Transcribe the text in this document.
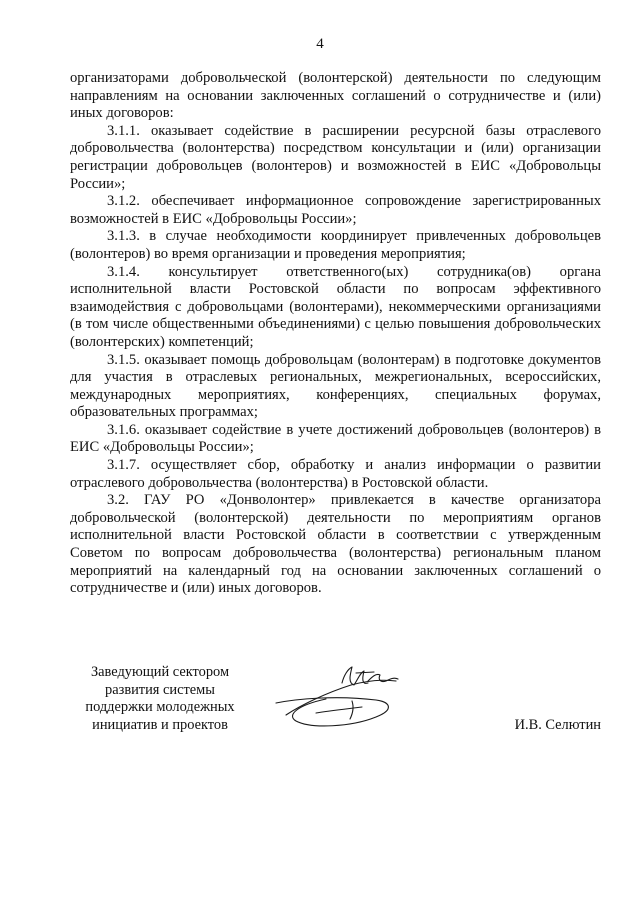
4

организаторами добровольческой (волонтерской) деятельности по следующим направлениям на основании заключенных соглашений о сотрудничестве и (или) иных договоров:

3.1.1. оказывает содействие в расширении ресурсной базы отраслевого добровольчества (волонтерства) посредством консультации и (или) организации регистрации добровольцев (волонтеров) и возможностей в ЕИС «Добровольцы России»;

3.1.2. обеспечивает информационное сопровождение зарегистрированных возможностей в ЕИС «Добровольцы России»;

3.1.3. в случае необходимости координирует привлеченных добровольцев (волонтеров) во время организации и проведения мероприятия;

3.1.4. консультирует ответственного(ых) сотрудника(ов) органа исполнительной власти Ростовской области по вопросам эффективного взаимодействия с добровольцами (волонтерами), некоммерческими организациями (в том числе общественными объединениями) с целью повышения добровольческих (волонтерских) компетенций;

3.1.5. оказывает помощь добровольцам (волонтерам) в подготовке документов для участия в отраслевых региональных, межрегиональных, всероссийских, международных мероприятиях, конференциях, специальных форумах, образовательных программах;

3.1.6. оказывает содействие в учете достижений добровольцев (волонтеров) в ЕИС «Добровольцы России»;

3.1.7. осуществляет сбор, обработку и анализ информации о развитии отраслевого добровольчества (волонтерства) в Ростовской области.

3.2. ГАУ РО «Донволонтер» привлекается в качестве организатора добровольческой (волонтерской) деятельности по мероприятиям органов исполнительной власти Ростовской области в соответствии с утвержденным Советом по вопросам добровольчества (волонтерства) региональным планом мероприятий на календарный год на основании заключенных соглашений о сотрудничестве и (или) иных договоров.

Заведующий сектором
развития системы
поддержки молодежных
инициатив и проектов	И.В. Селютин
